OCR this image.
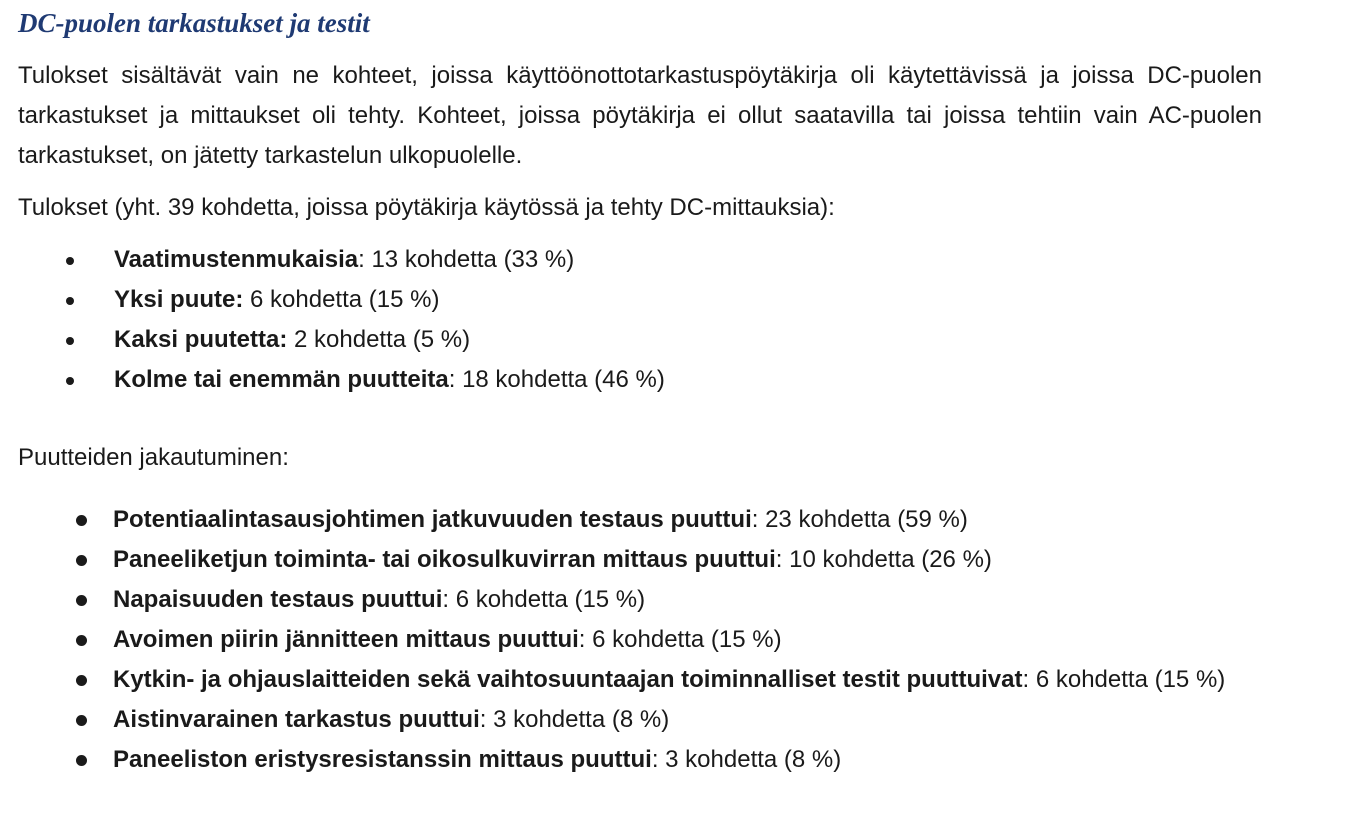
DC-puolen tarkastukset ja testit

Tulokset sisältävät vain ne kohteet, joissa käyttöönottotarkastuspöytäkirja oli käytettävissä ja joissa DC-puolen tarkastukset ja mittaukset oli tehty. Kohteet, joissa pöytäkirja ei ollut saatavilla tai joissa tehtiin vain AC-puolen tarkastukset, on jätetty tarkastelun ulkopuolelle.

Tulokset (yht. 39 kohdetta, joissa pöytäkirja käytössä ja tehty DC-mittauksia):

Vaatimustenmukaisia: 13 kohdetta (33 %)
Yksi puute: 6 kohdetta (15 %)
Kaksi puutetta: 2 kohdetta (5 %)
Kolme tai enemmän puutteita: 18 kohdetta (46 %)

Puutteiden jakautuminen:

Potentiaalintasausjohtimen jatkuvuuden testaus puuttui: 23 kohdetta (59 %)
Paneeliketjun toiminta- tai oikosulkuvirran mittaus puuttui: 10 kohdetta (26 %)
Napaisuuden testaus puuttui: 6 kohdetta (15 %)
Avoimen piirin jännitteen mittaus puuttui: 6 kohdetta (15 %)
Kytkin- ja ohjauslaitteiden sekä vaihtosuuntaajan toiminnalliset testit puuttuivat: 6 kohdetta (15 %)
Aistinvarainen tarkastus puuttui: 3 kohdetta (8 %)
Paneeliston eristysresistanssin mittaus puuttui: 3 kohdetta (8 %)
